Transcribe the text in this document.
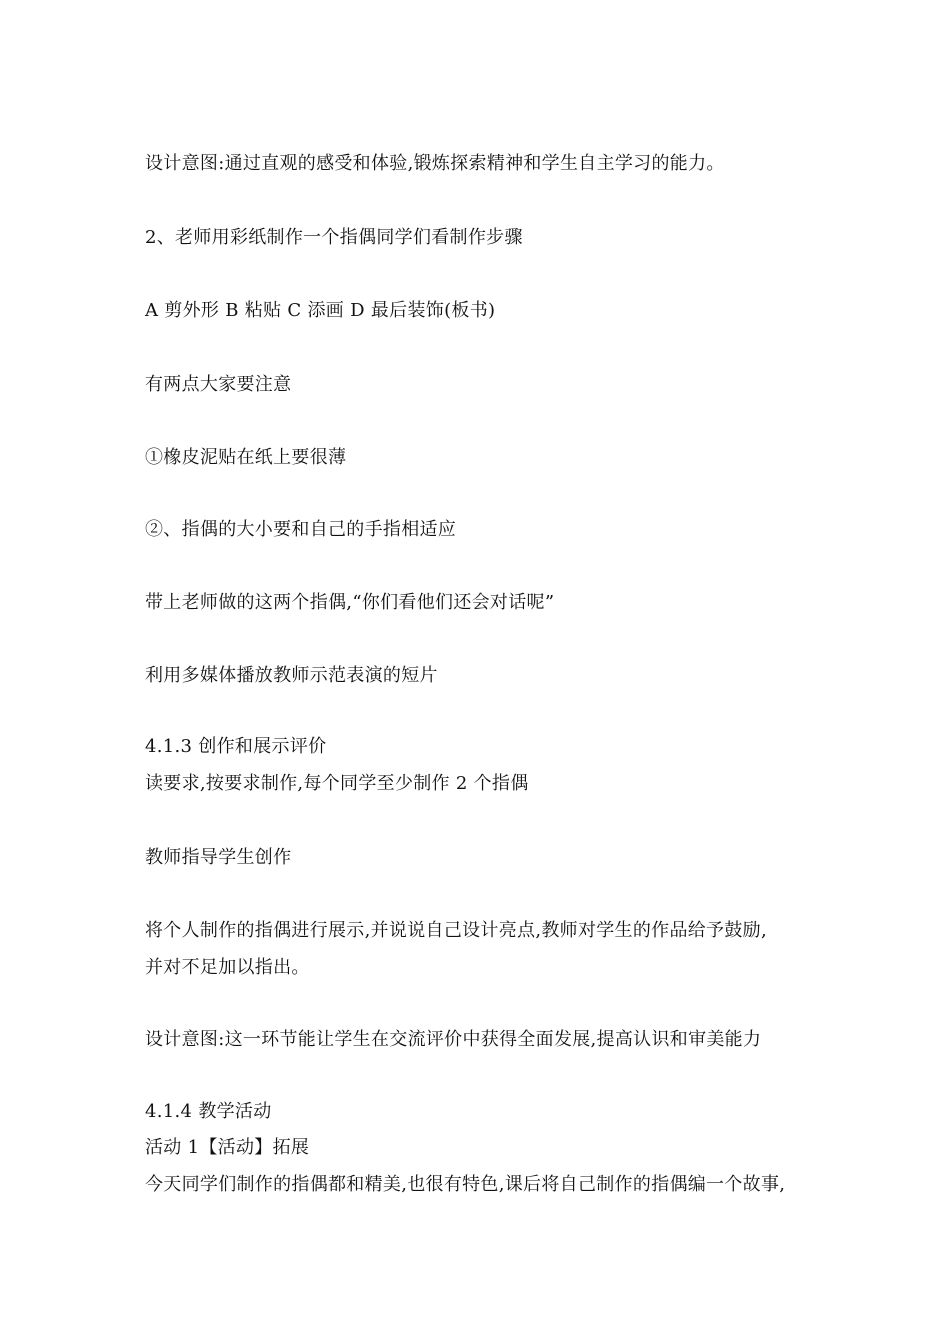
设计意图:通过直观的感受和体验,锻炼探索精神和学生自主学习的能力。
2、老师用彩纸制作一个指偶同学们看制作步骤
A 剪外形 B 粘贴 C 添画 D 最后装饰(板书)
有两点大家要注意
①橡皮泥贴在纸上要很薄
②、指偶的大小要和自己的手指相适应
带上老师做的这两个指偶,“你们看他们还会对话呢”
利用多媒体播放教师示范表演的短片
4.1.3 创作和展示评价
读要求,按要求制作,每个同学至少制作 2 个指偶
教师指导学生创作
将个人制作的指偶进行展示,并说说自己设计亮点,教师对学生的作品给予鼓励,
并对不足加以指出。
设计意图:这一环节能让学生在交流评价中获得全面发展,提高认识和审美能力
4.1.4 教学活动
活动 1【活动】拓展
今天同学们制作的指偶都和精美,也很有特色,课后将自己制作的指偶编一个故事,
